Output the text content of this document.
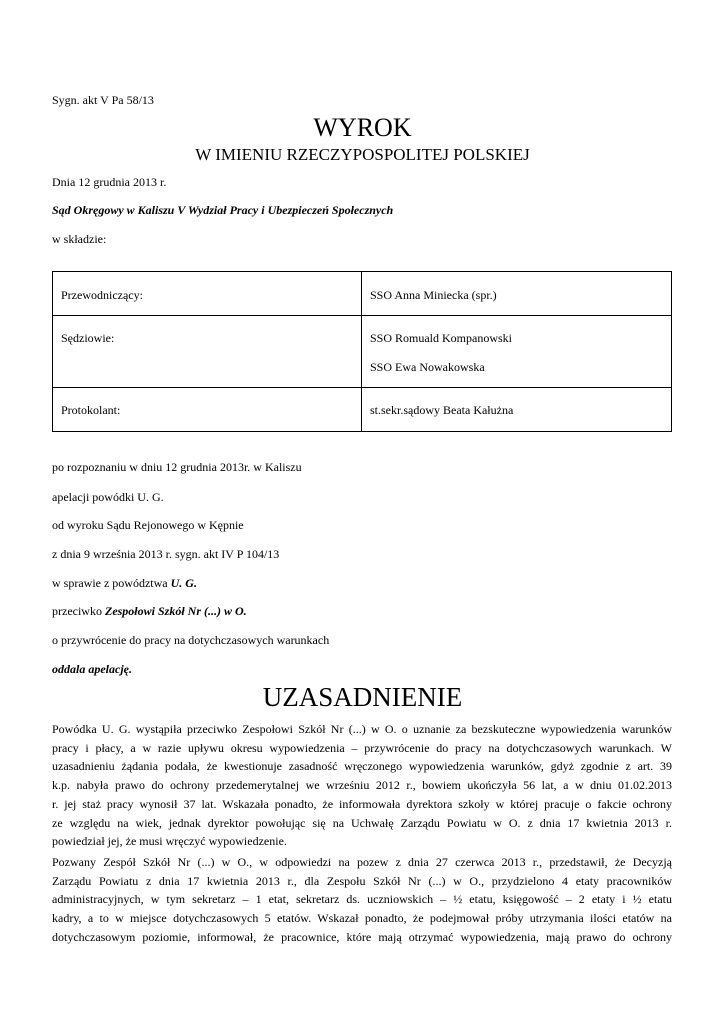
Sygn. akt V Pa 58/13
WYROK
W IMIENIU RZECZYPOSPOLITEJ POLSKIEJ
Dnia 12 grudnia 2013 r.
Sąd Okręgowy w Kaliszu V Wydział Pracy i Ubezpieczeń Społecznych
w składzie:
Przewodniczący:	SSO Anna Miniecka (spr.)

Sędziowie:	SSO Romuald Kompanowski
SSO Ewa Nowakowska

Protokolant:	st.sekr.sądowy Beata Kałużna
po rozpoznaniu w dniu 12 grudnia 2013r. w Kaliszu
apelacji powódki U. G.
od wyroku Sądu Rejonowego w Kępnie
z dnia 9 września 2013 r. sygn. akt IV P 104/13
w sprawie z powództwa U. G.
przeciwko Zespołowi Szkół Nr (...) w O.
o przywrócenie do pracy na dotychczasowych warunkach
oddala apelację.
UZASADNIENIE
Powódka U. G. wystąpiła przeciwko Zespołowi Szkół Nr (...) w O. o uznanie za bezskuteczne wypowiedzenia warunków
pracy i płacy, a w razie upływu okresu wypowiedzenia – przywrócenie do pracy na dotychczasowych warunkach. W
uzasadnieniu żądania podała, że kwestionuje zasadność wręczonego wypowiedzenia warunków, gdyż zgodnie z art. 39
k.p. nabyła prawo do ochrony przedemerytalnej we wrześniu 2012 r., bowiem ukończyła 56 lat, a w dniu 01.02.2013
r. jej staż pracy wynosił 37 lat. Wskazała ponadto, że informowała dyrektora szkoły w której pracuje o fakcie ochrony
ze względu na wiek, jednak dyrektor powołując się na Uchwałę Zarządu Powiatu w O. z dnia 17 kwietnia 2013 r.
powiedział jej, że musi wręczyć wypowiedzenie.
Pozwany Zespół Szkół Nr (...) w O., w odpowiedzi na pozew z dnia 27 czerwca 2013 r., przedstawił, że Decyzją
Zarządu Powiatu z dnia 17 kwietnia 2013 r., dla Zespołu Szkół Nr (...) w O., przydzielono 4 etaty pracowników
administracyjnych, w tym sekretarz – 1 etat, sekretarz ds. uczniowskich – ½ etatu, księgowość – 2 etaty i ½ etatu
kadry, a to w miejsce dotychczasowych 5 etatów. Wskazał ponadto, że podejmował próby utrzymania ilości etatów na
dotychczasowym poziomie, informował, że pracownice, które mają otrzymać wypowiedzenia, mają prawo do ochrony
